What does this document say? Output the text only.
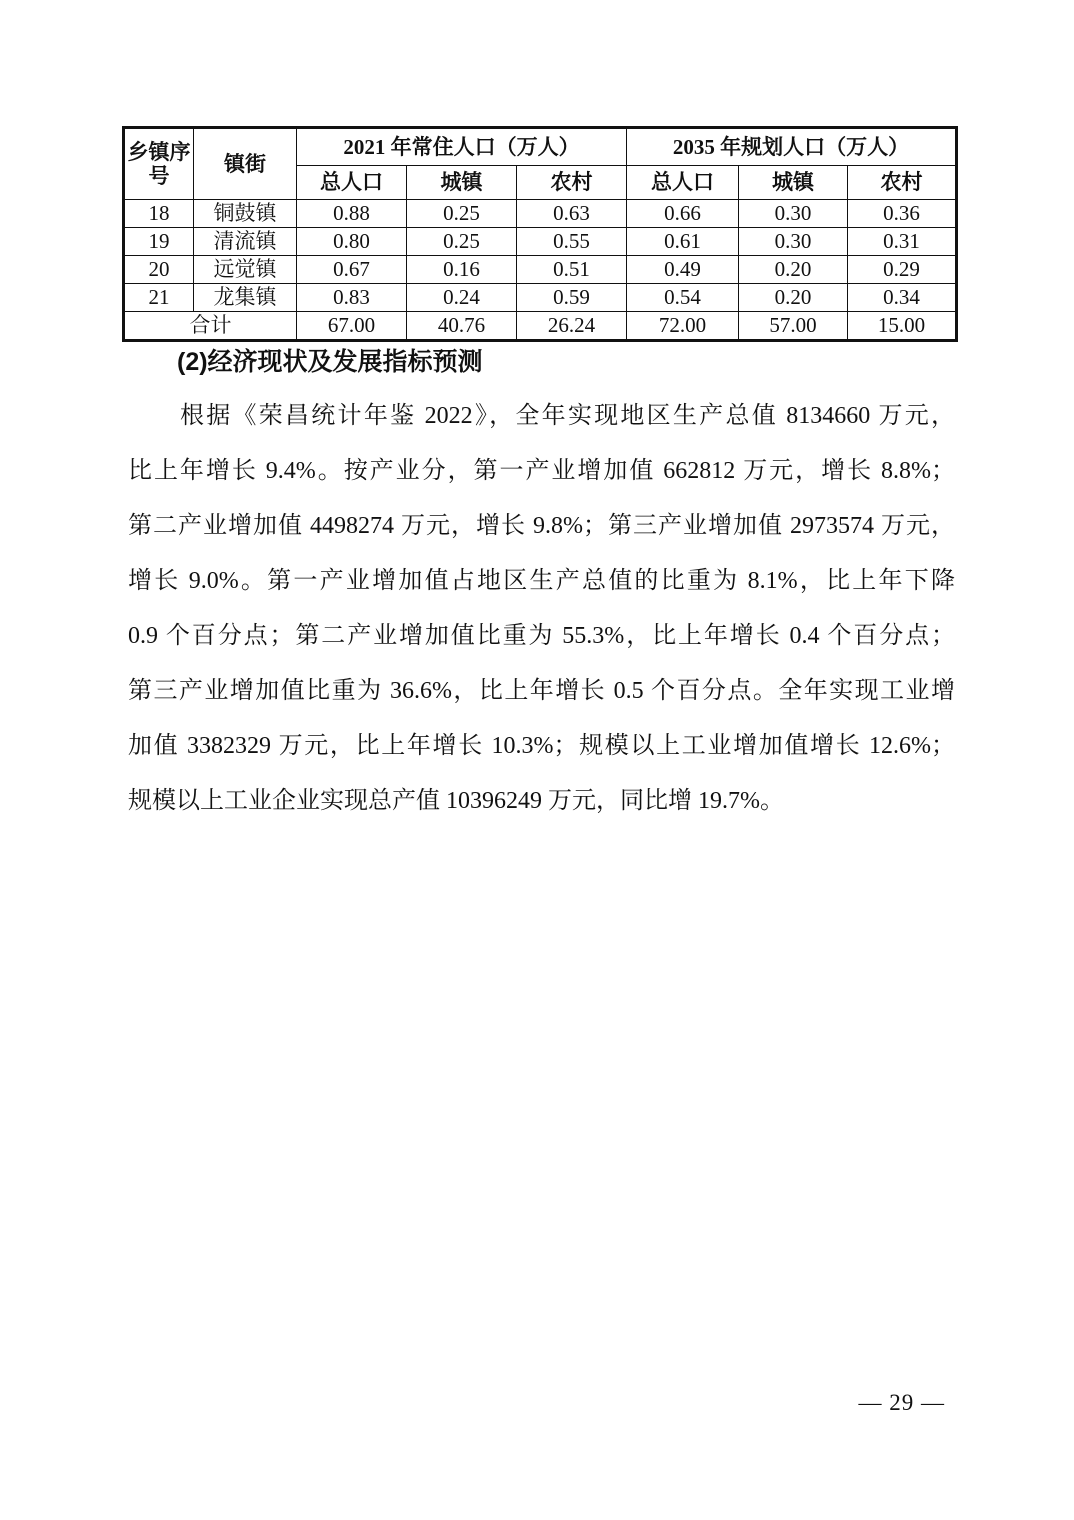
乡镇序号	镇街	2021 年常住人口（万人）			2035 年规划人口（万人）		
		总人口	城镇	农村	总人口	城镇	农村
18	铜鼓镇	0.88	0.25	0.63	0.66	0.30	0.36
19	清流镇	0.80	0.25	0.55	0.61	0.30	0.31
20	远觉镇	0.67	0.16	0.51	0.49	0.20	0.29
21	龙集镇	0.83	0.24	0.59	0.54	0.20	0.34
合计		67.00	40.76	26.24	72.00	57.00	15.00
(2)经济现状及发展指标预测
根据《荣昌统计年鉴 2022》，全年实现地区生产总值 8134660 万元，
比上年增长 9.4%。按产业分，第一产业增加值 662812 万元，增长 8.8%；
第二产业增加值 4498274 万元，增长 9.8%；第三产业增加值 2973574 万元，
增长 9.0%。第一产业增加值占地区生产总值的比重为 8.1%，比上年下降
0.9 个百分点；第二产业增加值比重为 55.3%，比上年增长 0.4 个百分点；
第三产业增加值比重为 36.6%，比上年增长 0.5 个百分点。全年实现工业增
加值 3382329 万元，比上年增长 10.3%；规模以上工业增加值增长 12.6%；
规模以上工业企业实现总产值 10396249 万元，同比增 19.7%。
— 29 —
